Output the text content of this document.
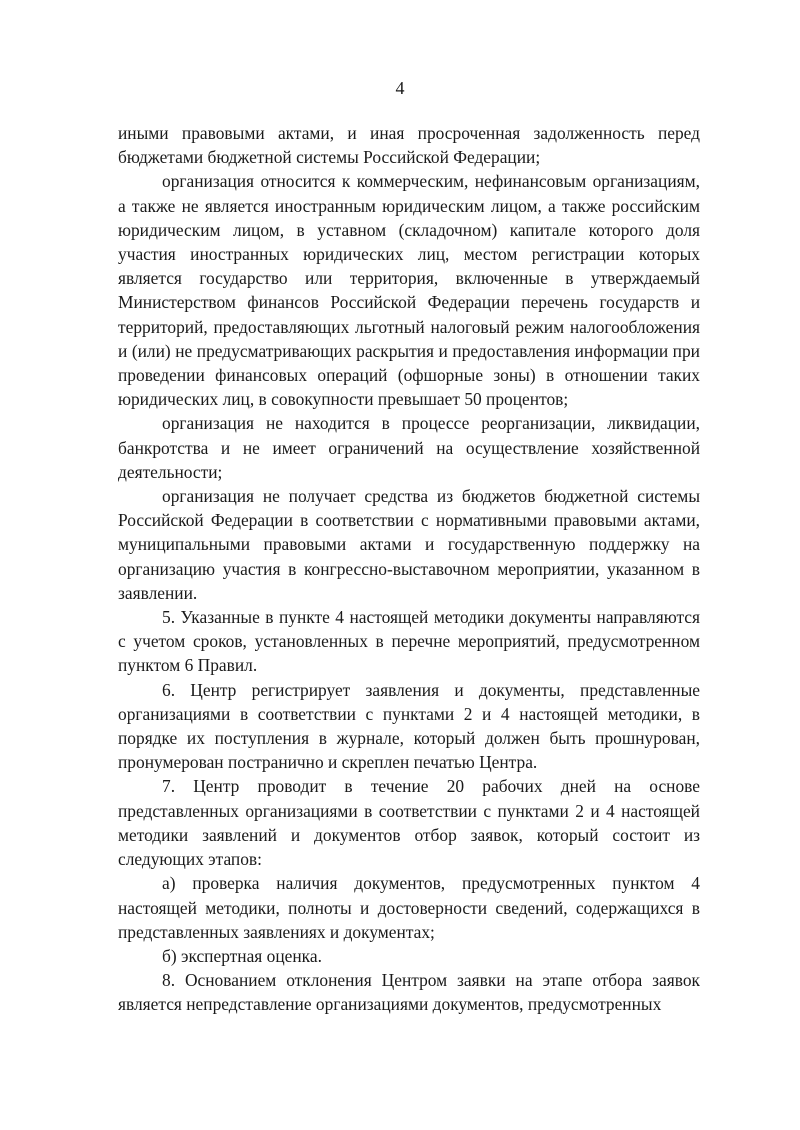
4

иными правовыми актами, и иная просроченная задолженность перед бюджетами бюджетной системы Российской Федерации;

организация относится к коммерческим, нефинансовым организациям, а также не является иностранным юридическим лицом, а также российским юридическим лицом, в уставном (складочном) капитале которого доля участия иностранных юридических лиц, местом регистрации которых является государство или территория, включенные в утверждаемый Министерством финансов Российской Федерации перечень государств и территорий, предоставляющих льготный налоговый режим налогообложения и (или) не предусматривающих раскрытия и предоставления информации при проведении финансовых операций (офшорные зоны) в отношении таких юридических лиц, в совокупности превышает 50 процентов;

организация не находится в процессе реорганизации, ликвидации, банкротства и не имеет ограничений на осуществление хозяйственной деятельности;

организация не получает средства из бюджетов бюджетной системы Российской Федерации в соответствии с нормативными правовыми актами, муниципальными правовыми актами и государственную поддержку на организацию участия в конгрессно-выставочном мероприятии, указанном в заявлении.

5. Указанные в пункте 4 настоящей методики документы направляются с учетом сроков, установленных в перечне мероприятий, предусмотренном пунктом 6 Правил.

6. Центр регистрирует заявления и документы, представленные организациями в соответствии с пунктами 2 и 4 настоящей методики, в порядке их поступления в журнале, который должен быть прошнурован, пронумерован постранично и скреплен печатью Центра.

7. Центр проводит в течение 20 рабочих дней на основе представленных организациями в соответствии с пунктами 2 и 4 настоящей методики заявлений и документов отбор заявок, который состоит из следующих этапов:

а) проверка наличия документов, предусмотренных пунктом 4 настоящей методики, полноты и достоверности сведений, содержащихся в представленных заявлениях и документах;

б) экспертная оценка.

8. Основанием отклонения Центром заявки на этапе отбора заявок является непредставление организациями документов, предусмотренных
